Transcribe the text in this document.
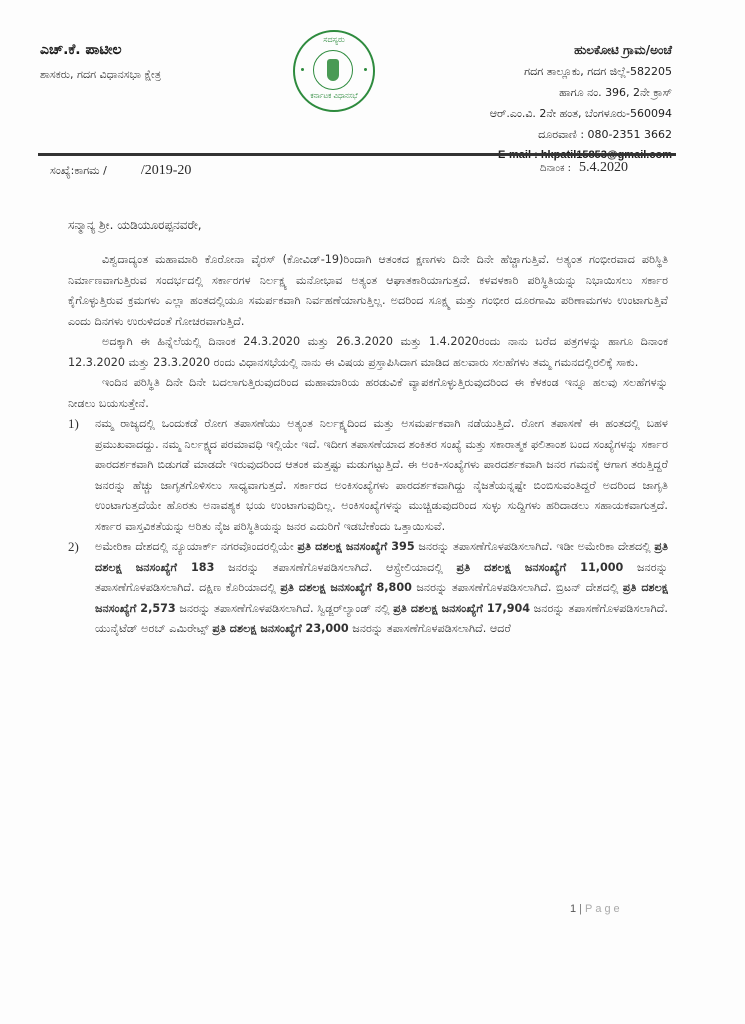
ಎಚ್.ಕೆ. ಪಾಟೀಲ
ಶಾಸಕರು, ಗದಗ ವಿಧಾನಸಭಾ ಕ್ಷೇತ್ರ
ಸದಸ್ಯರು
ಕರ್ನಾಟಕ ವಿಧಾನಸಭೆ
ಹುಲಕೋಟಿ ಗ್ರಾಮ/ಅಂಚೆ
ಗದಗ ತಾಲ್ಲೂಕು, ಗದಗ ಜಿಲ್ಲೆ-582205
ಹಾಗೂ ನಂ. 396, 2ನೇ ಕ್ರಾಸ್
ಆರ್.ಎಂ.ವಿ. 2ನೇ ಹಂತ, ಬೆಂಗಳೂರು-560094
ದೂರವಾಣಿ : 080-2351 3662
ಸಂಖ್ಯೆ:ಕಾಗಮ / /2019-20	ದಿನಾಂಕ : 5.4.2020
ಸನ್ಮಾನ್ಯ ಶ್ರೀ. ಯಡಿಯೂರಪ್ಪನವರೇ,

ವಿಶ್ವದಾದ್ಯಂತ ಮಹಾಮಾರಿ ಕೊರೋನಾ ವೈರಸ್ (ಕೋವಿಡ್-19)ರಿಂದಾಗಿ ಆತಂಕದ ಕ್ಷಣಗಳು ದಿನೇ ದಿನೇ ಹೆಚ್ಚಾಗುತ್ತಿವೆ. ಅತ್ಯಂತ ಗಂಭೀರವಾದ ಪರಿಸ್ಥಿತಿ ನಿರ್ಮಾಣವಾಗುತ್ತಿರುವ ಸಂದರ್ಭದಲ್ಲಿ ಸರ್ಕಾರಗಳ ನಿರ್ಲಕ್ಷ್ಯ ಮನೋಭಾವ ಅತ್ಯಂತ ಆಘಾತಕಾರಿಯಾಗುತ್ತದೆ. ಕಳವಳಕಾರಿ ಪರಿಸ್ಥಿತಿಯನ್ನು ನಿಭಾಯಿಸಲು ಸರ್ಕಾರ ಕೈಗೊಳ್ಳುತ್ತಿರುವ ಕ್ರಮಗಳು ಎಲ್ಲಾ ಹಂತದಲ್ಲಿಯೂ ಸಮರ್ಪಕವಾಗಿ ನಿರ್ವಹಣೆಯಾಗುತ್ತಿಲ್ಲ. ಅದರಿಂದ ಸೂಕ್ಷ್ಮ ಮತ್ತು ಗಂಭೀರ ದೂರಗಾಮಿ ಪರಿಣಾಮಗಳು ಉಂಟಾಗುತ್ತಿವೆ ಎಂದು ದಿನಗಳು ಉರುಳಿದಂತೆ ಗೋಚರವಾಗುತ್ತಿದೆ.

ಅದಕ್ಕಾಗಿ ಈ ಹಿನ್ನೆಲೆಯಲ್ಲಿ ದಿನಾಂಕ 24.3.2020 ಮತ್ತು 26.3.2020 ಮತ್ತು 1.4.2020ರಂದು ನಾನು ಬರೆದ ಪತ್ರಗಳನ್ನು ಹಾಗೂ ದಿನಾಂಕ 12.3.2020 ಮತ್ತು 23.3.2020 ರಂದು ವಿಧಾನಸಭೆಯಲ್ಲಿ ನಾನು ಈ ವಿಷಯ ಪ್ರಸ್ತಾಪಿಸಿದಾಗ ಮಾಡಿದ ಹಲವಾರು ಸಲಹೆಗಳು ತಮ್ಮ ಗಮನದಲ್ಲಿರಲಿಕ್ಕೆ ಸಾಕು.

ಇಂದಿನ ಪರಿಸ್ಥಿತಿ ದಿನೇ ದಿನೇ ಬದಲಾಗುತ್ತಿರುವುದರಿಂದ ಮಹಾಮಾರಿಯ ಹರಡುವಿಕೆ ವ್ಯಾಪಕಗೊಳ್ಳುತ್ತಿರುವುದರಿಂದ ಈ ಕೆಳಕಂಡ ಇನ್ನೂ ಹಲವು ಸಲಹೆಗಳನ್ನು ನೀಡಲು ಬಯಸುತ್ತೇನೆ.

1) ನಮ್ಮ ರಾಜ್ಯದಲ್ಲಿ ಒಂದುಕಡೆ ರೋಗ ತಪಾಸಣೆಯು ಅತ್ಯಂತ ನಿರ್ಲಕ್ಷ್ಯದಿಂದ ಮತ್ತು ಅಸಮರ್ಪಕವಾಗಿ ನಡೆಯುತ್ತಿದೆ. ರೋಗ ತಪಾಸಣೆ ಈ ಹಂತದಲ್ಲಿ ಬಹಳ ಪ್ರಮುಖವಾದದ್ದು. ನಮ್ಮ ನಿರ್ಲಕ್ಷ್ಯದ ಪರಮಾವಧಿ ಇಲ್ಲಿಯೇ ಇದೆ. ಇದೀಗ ತಪಾಸಣೆಯಾದ ಶಂಕಿತರ ಸಂಖ್ಯೆ ಮತ್ತು ಸಕಾರಾತ್ಮಕ ಫಲಿತಾಂಶ ಬಂದ ಸಂಖ್ಯೆಗಳನ್ನು ಸರ್ಕಾರ ಪಾರದರ್ಶಕವಾಗಿ ಬಿಡುಗಡೆ ಮಾಡದೇ ಇರುವುದರಿಂದ ಆತಂಕ ಮತ್ತಷ್ಟು ಮಡುಗಟ್ಟುತ್ತಿದೆ. ಈ ಅಂಕಿ-ಸಂಖ್ಯೆಗಳು ಪಾರದರ್ಶಕವಾಗಿ ಜನರ ಗಮನಕ್ಕೆ ಆಗಾಗ ತರುತ್ತಿದ್ದರೆ ಜನರನ್ನು ಹೆಚ್ಚು ಜಾಗೃತಗೊಳಿಸಲು ಸಾಧ್ಯವಾಗುತ್ತದೆ. ಸರ್ಕಾರದ ಅಂಕಿಸಂಖ್ಯೆಗಳು ಪಾರದರ್ಶಕವಾಗಿದ್ದು ನೈಜತೆಯನ್ನಷ್ಟೇ ಬಿಂಬಿಸುವಂತಿದ್ದರೆ ಅದರಿಂದ ಜಾಗೃತಿ ಉಂಟಾಗುತ್ತದೆಯೇ ಹೊರತು ಅನಾವಶ್ಯಕ ಭಯ ಉಂಟಾಗುವುದಿಲ್ಲ. ಅಂಕಿಸಂಖ್ಯೆಗಳನ್ನು ಮುಚ್ಚಿಡುವುದರಿಂದ ಸುಳ್ಳು ಸುದ್ದಿಗಳು ಹರಿದಾಡಲು ಸಹಾಯಕವಾಗುತ್ತದೆ. ಸರ್ಕಾರ ವಾಸ್ತವಿಕತೆಯನ್ನು ಅರಿತು ನೈಜ ಪರಿಸ್ಥಿತಿಯನ್ನು ಜನರ ಎದುರಿಗೆ ಇಡಬೇಕೆಂದು ಒತ್ತಾಯಿಸುವೆ.
2) ಅಮೇರಿಕಾ ದೇಶದಲ್ಲಿ ನ್ಯೂಯಾರ್ಕ್ ನಗರವೊಂದರಲ್ಲಿಯೇ ಪ್ರತಿ ದಶಲಕ್ಷ ಜನಸಂಖ್ಯೆಗೆ 395 ಜನರನ್ನು ತಪಾಸಣೆಗೊಳಪಡಿಸಲಾಗಿದೆ. ಇಡೀ ಅಮೇರಿಕಾ ದೇಶದಲ್ಲಿ ಪ್ರತಿ ದಶಲಕ್ಷ ಜನಸಂಖ್ಯೆಗೆ 183 ಜನರನ್ನು ತಪಾಸಣೆಗೊಳಪಡಿಸಲಾಗಿದೆ. ಆಸ್ಟ್ರೇಲಿಯಾದಲ್ಲಿ ಪ್ರತಿ ದಶಲಕ್ಷ ಜನಸಂಖ್ಯೆಗೆ 11,000 ಜನರನ್ನು ತಪಾಸಣೆಗೊಳಪಡಿಸಲಾಗಿದೆ. ದಕ್ಷಿಣ ಕೊರಿಯಾದಲ್ಲಿ ಪ್ರತಿ ದಶಲಕ್ಷ ಜನಸಂಖ್ಯೆಗೆ 8,800 ಜನರನ್ನು ತಪಾಸಣೆಗೊಳಪಡಿಸಲಾಗಿದೆ. ಬ್ರಿಟನ್ ದೇಶದಲ್ಲಿ ಪ್ರತಿ ದಶಲಕ್ಷ ಜನಸಂಖ್ಯೆಗೆ 2,573 ಜನರನ್ನು ತಪಾಸಣೆಗೊಳಪಡಿಸಲಾಗಿದೆ. ಸ್ವಿಡ್ಜರ್‌ಲ್ಯಾಂಡ್ ನಲ್ಲಿ ಪ್ರತಿ ದಶಲಕ್ಷ ಜನಸಂಖ್ಯೆಗೆ 17,904 ಜನರನ್ನು ತಪಾಸಣೆಗೊಳಪಡಿಸಲಾಗಿದೆ. ಯುನೈಟೆಡ್ ಅರಬ್ ಎಮಿರೇಟ್ಸ್ ಪ್ರತಿ ದಶಲಕ್ಷ ಜನಸಂಖ್ಯೆಗೆ 23,000 ಜನರನ್ನು ತಪಾಸಣೆಗೊಳಪಡಿಸಲಾಗಿದೆ. ಆದರೆ
1 | Page
